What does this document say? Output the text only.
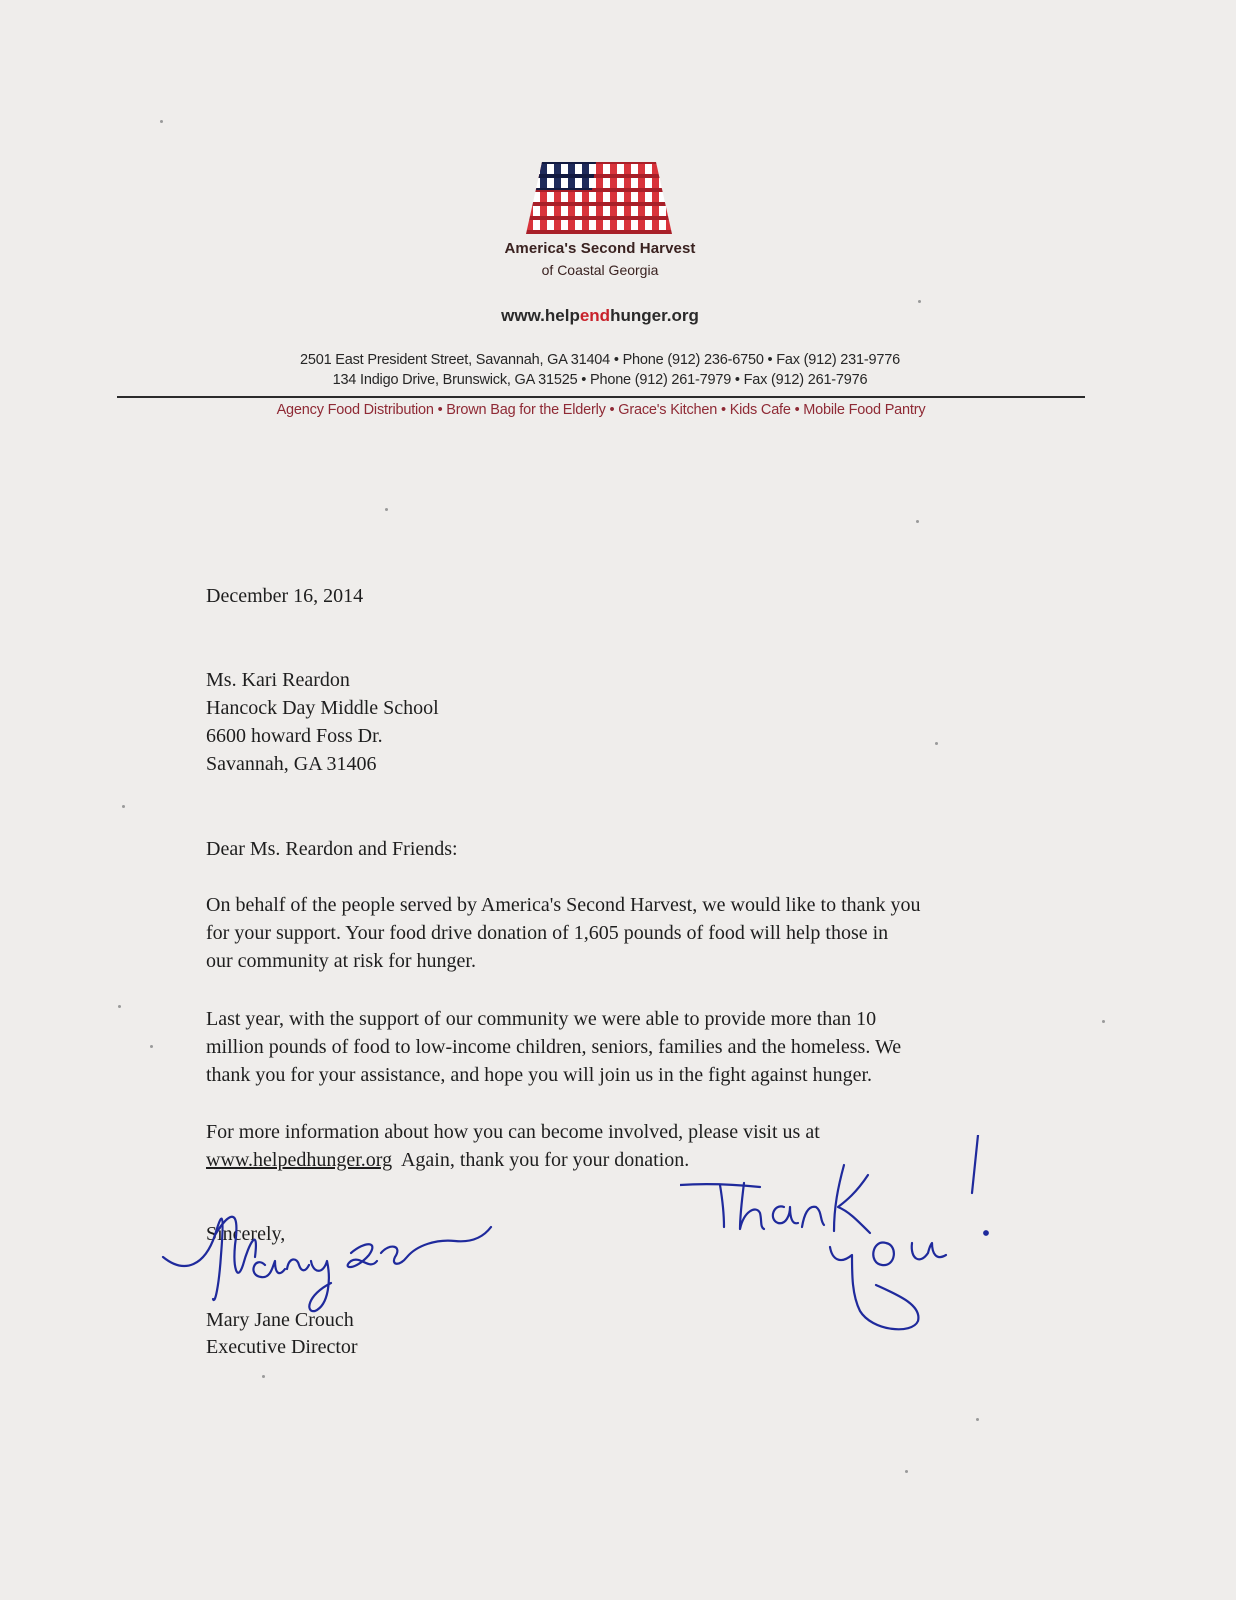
America's Second Harvest
of Coastal Georgia
www.helpendhunger.org
2501 East President Street, Savannah, GA 31404 • Phone (912) 236-6750 • Fax (912) 231-9776
134 Indigo Drive, Brunswick, GA 31525 • Phone (912) 261-7979 • Fax (912) 261-7976
Agency Food Distribution • Brown Bag for the Elderly • Grace's Kitchen • Kids Cafe • Mobile Food Pantry
December 16, 2014
Ms. Kari Reardon
Hancock Day Middle School
6600 howard Foss Dr.
Savannah, GA 31406
Dear Ms. Reardon and Friends:
On behalf of the people served by America's Second Harvest, we would like to thank you
for your support. Your food drive donation of 1,605 pounds of food will help those in
our community at risk for hunger.
Last year, with the support of our community we were able to provide more than 10
million pounds of food to low-income children, seniors, families and the homeless. We
thank you for your assistance, and hope you will join us in the fight against hunger.
For more information about how you can become involved, please visit us at
www.helpedhunger.org  Again, thank you for your donation.
Sincerely,
Mary Jane Crouch
Executive Director
